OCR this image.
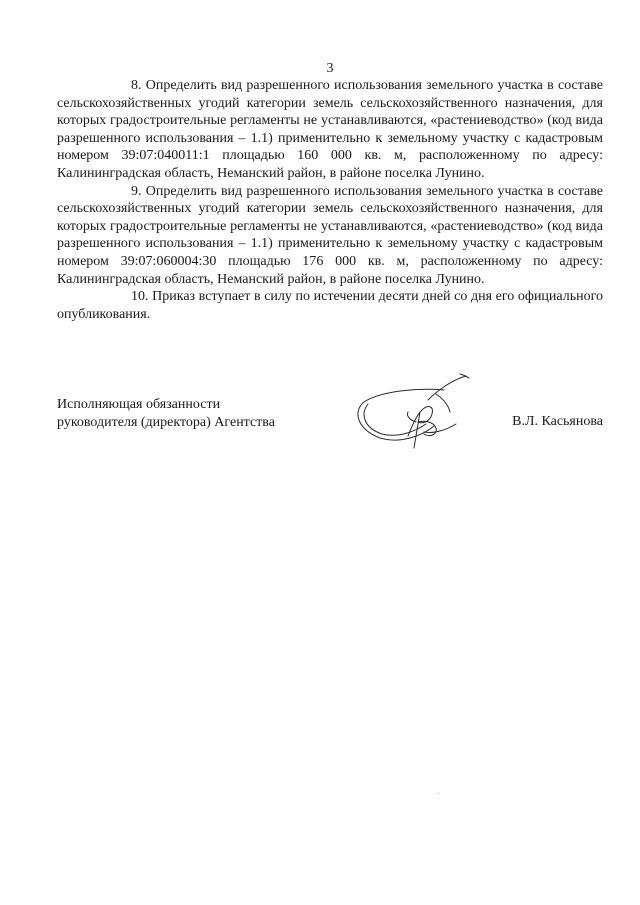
3

8. Определить вид разрешенного использования земельного участка в составе сельскохозяйственных угодий категории земель сельскохозяйственного назначения, для которых градостроительные регламенты не устанавливаются, «растениеводство» (код вида разрешенного использования – 1.1) применительно к земельному участку с кадастровым номером 39:07:040011:1 площадью 160 000 кв. м, расположенному по адресу: Калининградская область, Неманский район, в районе поселка Лунино.

9. Определить вид разрешенного использования земельного участка в составе сельскохозяйственных угодий категории земель сельскохозяйственного назначения, для которых градостроительные регламенты не устанавливаются, «растениеводство» (код вида разрешенного использования – 1.1) применительно к земельному участку с кадастровым номером 39:07:060004:30 площадью 176 000 кв. м, расположенному по адресу: Калининградская область, Неманский район, в районе поселка Лунино.

10. Приказ вступает в силу по истечении десяти дней со дня его официального опубликования.

Исполняющая обязанности
руководителя (директора) Агентства	В.Л. Касьянова
